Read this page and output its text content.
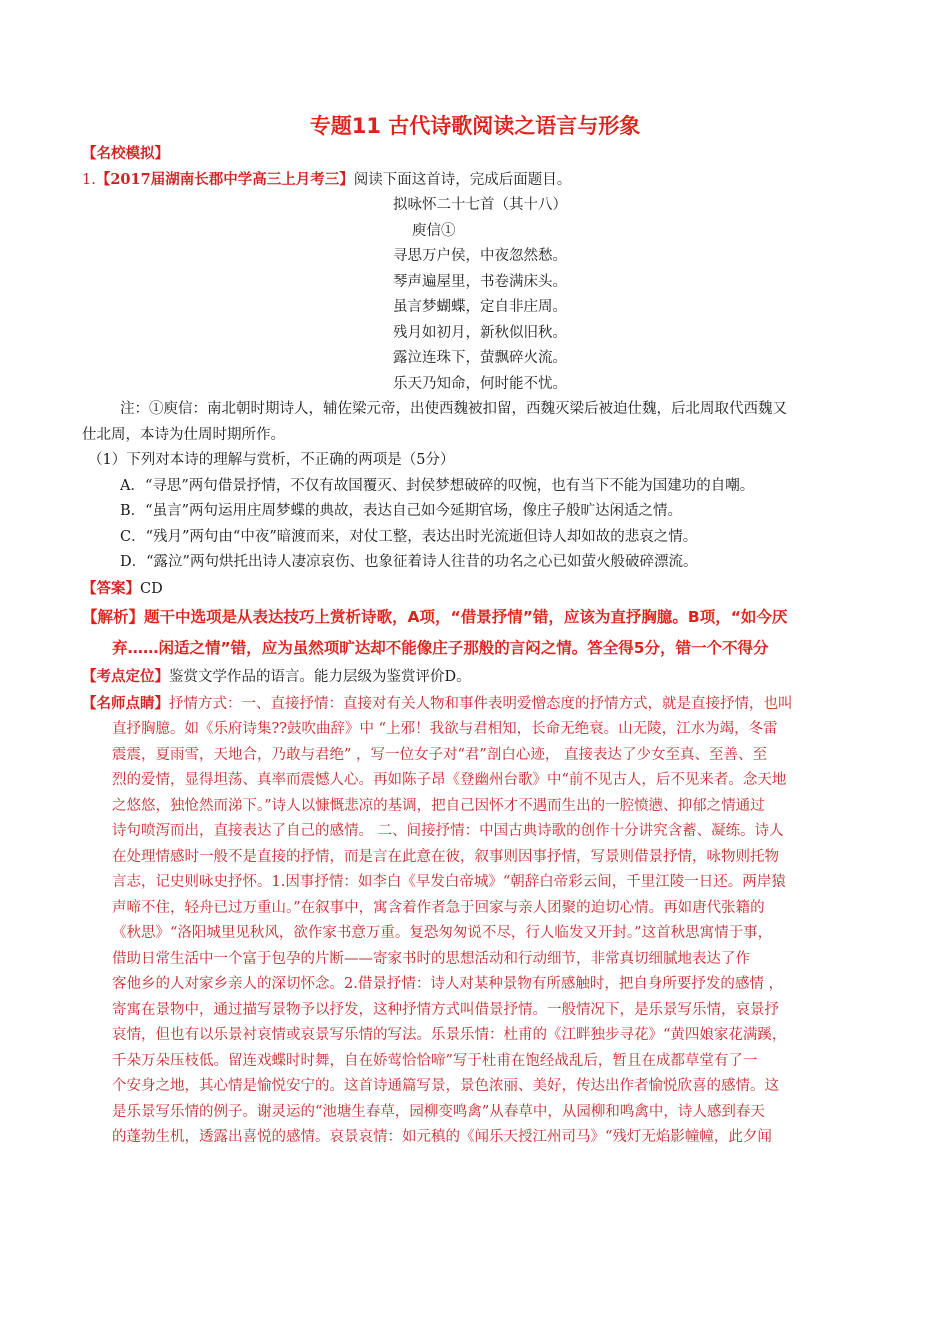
专题11 古代诗歌阅读之语言与形象
【名校模拟】
1.【2017届湖南长郡中学高三上月考三】阅读下面这首诗，完成后面题目。
拟咏怀二十七首（其十八）
庾信①
寻思万户侯，中夜忽然愁。
琴声遍屋里，书卷满床头。
虽言梦蝴蝶，定自非庄周。
残月如初月，新秋似旧秋。
露泣连珠下，萤飘碎火流。
乐天乃知命，何时能不忧。
注：①庾信：南北朝时期诗人，辅佐梁元帝，出使西魏被扣留，西魏灭梁后被迫仕魏，后北周取代西魏又
仕北周，本诗为仕周时期所作。
（1）下列对本诗的理解与赏析，不正确的两项是（5分）
A．“寻思”两句借景抒情，不仅有故国覆灭、封侯梦想破碎的叹惋，也有当下不能为国建功的自嘲。
B．“虽言”两句运用庄周梦蝶的典故，表达自己如今延期官场，像庄子般旷达闲适之情。
C．“残月”两句由“中夜”暗渡而来，对仗工整，表达出时光流逝但诗人却如故的悲哀之情。
D．“露泣”两句烘托出诗人凄凉哀伤、也象征着诗人往昔的功名之心已如萤火般破碎漂流。
【答案】CD
【解析】题干中选项是从表达技巧上赏析诗歌，A项，“借景抒情”错，应该为直抒胸臆。B项，“如今厌
弃……闲适之情”错，应为虽然项旷达却不能像庄子那般的言闷之情。答全得5分，错一个不得分
【考点定位】鉴赏文学作品的语言。能力层级为鉴赏评价D。
【名师点睛】抒情方式：一、直接抒情：直接对有关人物和事件表明爱憎态度的抒情方式，就是直接抒情，也叫
直抒胸臆。如《乐府诗集??鼓吹曲辞》中 “上邪！我欲与君相知，长命无绝衰。山无陵，江水为竭，冬雷
震震，夏雨雪，天地合，乃敢与君绝” ，写一位女子对“君”剖白心迹， 直接表达了少女至真、至善、至
烈的爱情，显得坦荡、真率而震憾人心。再如陈子昂《登幽州台歌》中“前不见古人，后不见来者。念天地
之悠悠，独怆然而涕下。”诗人以慷慨悲凉的基调，把自己因怀才不遇而生出的一腔愤懑、抑郁之情通过
诗句喷泻而出，直接表达了自己的感情。 二、间接抒情：中国古典诗歌的创作十分讲究含蓄、凝练。诗人
在处理情感时一般不是直接的抒情，而是言在此意在彼，叙事则因事抒情，写景则借景抒情，咏物则托物
言志，记史则咏史抒怀。1.因事抒情：如李白《早发白帝城》“朝辞白帝彩云间，千里江陵一日还。两岸猿
声啼不住，轻舟已过万重山。”在叙事中，寓含着作者急于回家与亲人团聚的迫切心情。再如唐代张籍的
《秋思》“洛阳城里见秋风，欲作家书意万重。复恐匆匆说不尽，行人临发又开封。”这首秋思寓情于事，
借助日常生活中一个富于包孕的片断——寄家书时的思想活动和行动细节，非常真切细腻地表达了作
客他乡的人对家乡亲人的深切怀念。2.借景抒情：诗人对某种景物有所感触时，把自身所要抒发的感情 ，
寄寓在景物中，通过描写景物予以抒发，这种抒情方式叫借景抒情。一般情况下，是乐景写乐情，哀景抒
哀情，但也有以乐景衬哀情或哀景写乐情的写法。乐景乐情：杜甫的《江畔独步寻花》“黄四娘家花满蹊，
千朵万朵压枝低。留连戏蝶时时舞，自在娇莺恰恰啼”写于杜甫在饱经战乱后，暂且在成都草堂有了一
个安身之地，其心情是愉悦安宁的。这首诗通篇写景，景色浓丽、美好，传达出作者愉悦欣喜的感情。这
是乐景写乐情的例子。谢灵运的“池塘生春草，园柳变鸣禽”从春草中，从园柳和鸣禽中，诗人感到春天
的蓬勃生机，透露出喜悦的感情。哀景哀情：如元稹的《闻乐天授江州司马》“残灯无焰影幢幢，此夕闻
